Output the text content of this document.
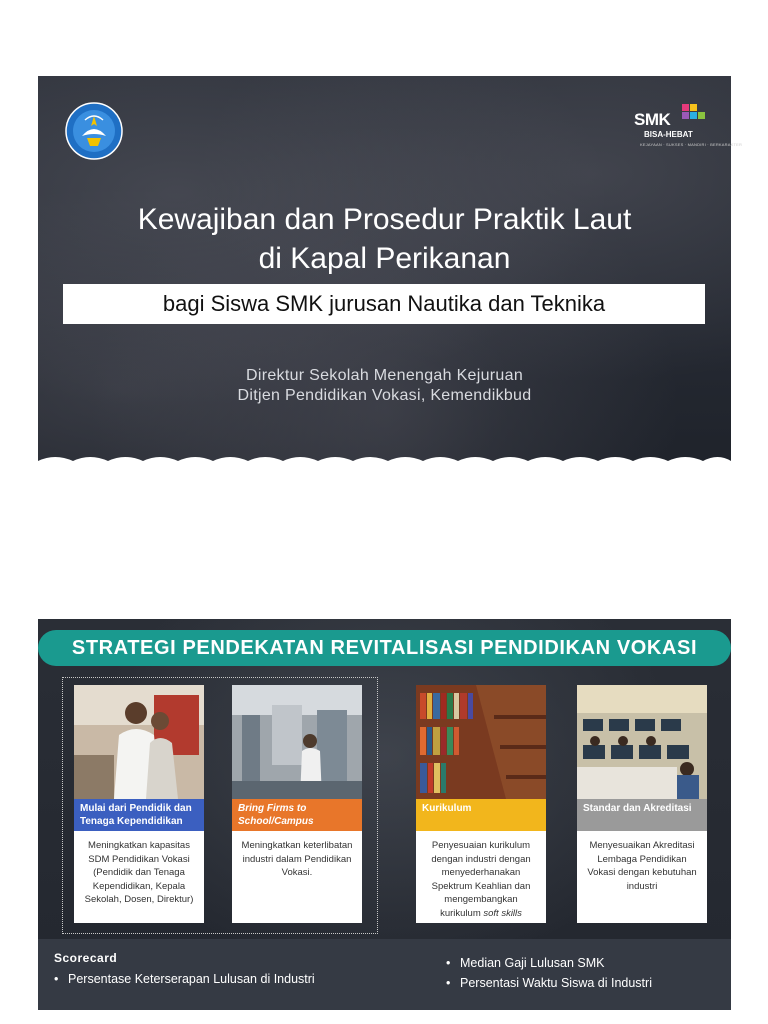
SMK
BISA-HEBAT
KEJAYAAN · SUKSES · MANDIRI · BERKARAKTER
Kewajiban dan Prosedur Praktik Laut
di Kapal Perikanan
bagi Siswa SMK jurusan Nautika dan Teknika
Direktur Sekolah Menengah Kejuruan
Ditjen Pendidikan Vokasi, Kemendikbud
STRATEGI PENDEKATAN REVITALISASI PENDIDIKAN VOKASI
Mulai dari Pendidik dan Tenaga Kependidikan
Meningkatkan kapasitas SDM Pendidikan Vokasi (Pendidik dan Tenaga Kependidikan, Kepala Sekolah, Dosen, Direktur)
Bring Firms to School/Campus
Meningkatkan keterlibatan industri dalam Pendidikan Vokasi.
Kurikulum
Penyesuaian kurikulum dengan industri dengan menyederhanakan Spektrum Keahlian dan mengembangkan kurikulum soft skills
Standar dan Akreditasi
Menyesuaikan Akreditasi Lembaga Pendidikan Vokasi dengan kebutuhan industri
Scorecard
• Persentase Keterserapan Lulusan di Industri
• Median Gaji Lulusan SMK
• Persentasi Waktu Siswa di Industri
